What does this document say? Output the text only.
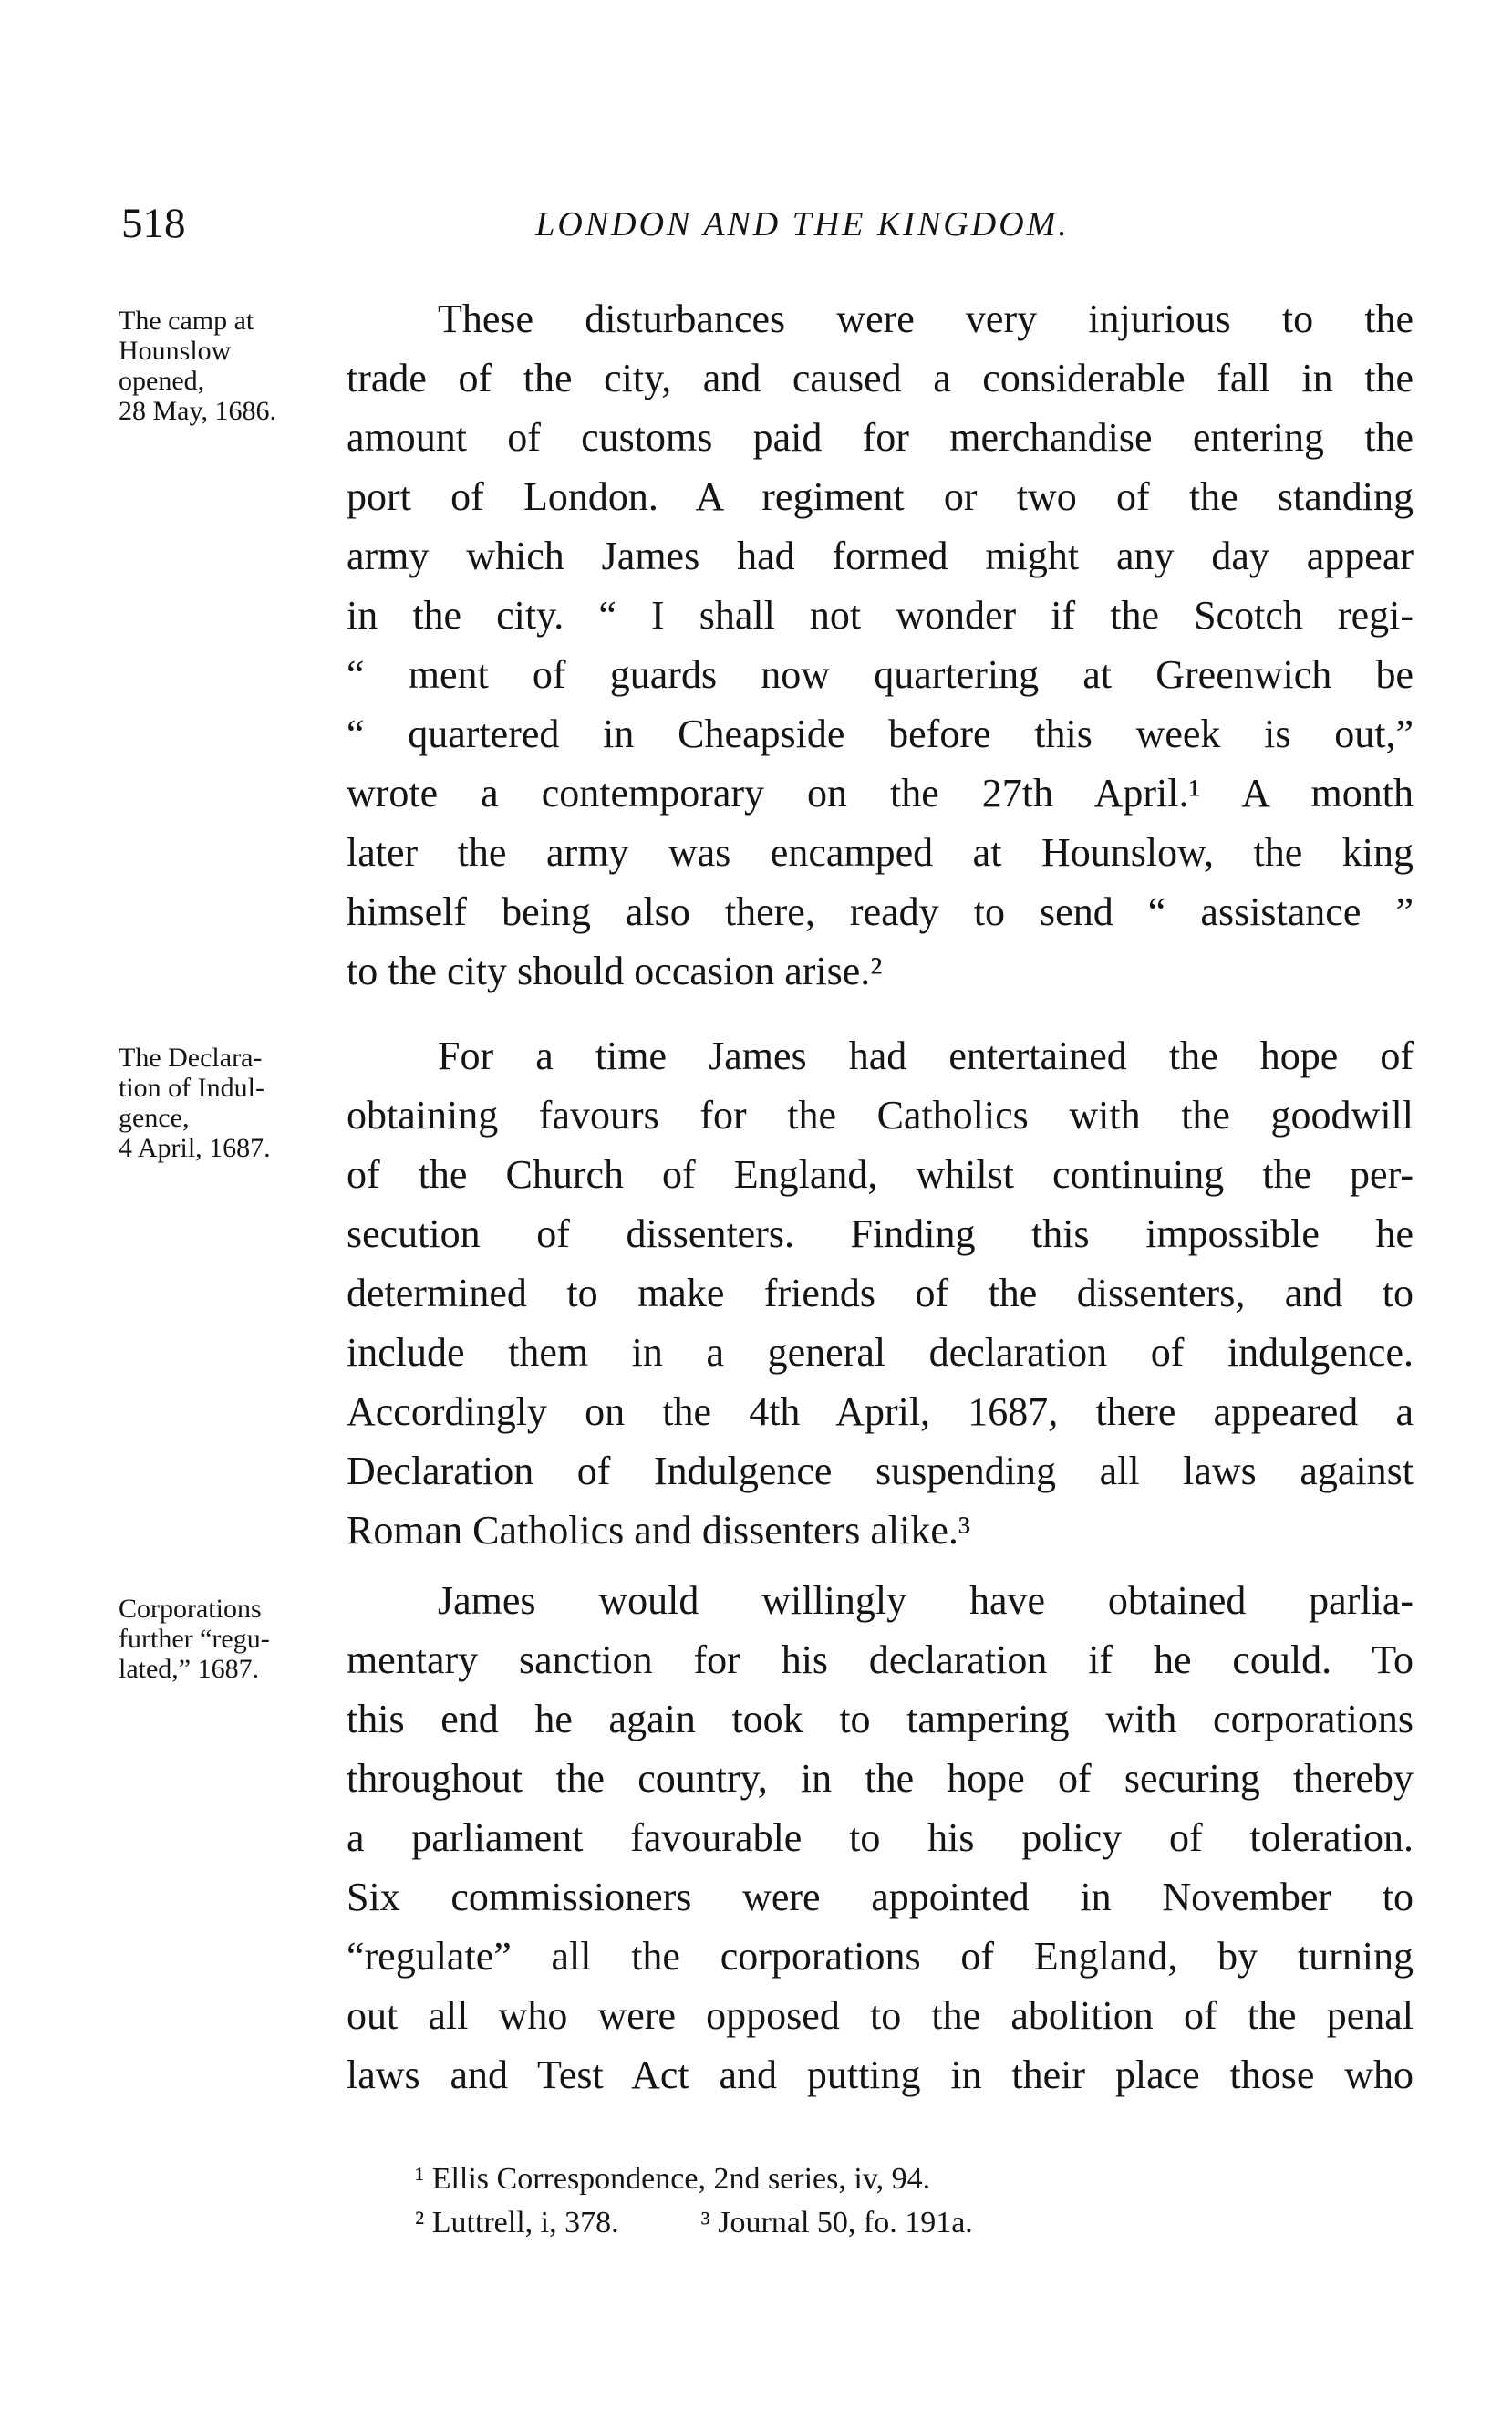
518	LONDON AND THE KINGDOM.
The camp at
Hounslow
opened,
28 May, 1686.
These disturbances were very injurious to the
trade of the city, and caused a considerable fall in the
amount of customs paid for merchandise entering the
port of London. A regiment or two of the standing
army which James had formed might any day appear
in the city. “ I shall not wonder if the Scotch regi-
“ ment of guards now quartering at Greenwich be
“ quartered in Cheapside before this week is out,”
wrote a contemporary on the 27th April.¹ A month
later the army was encamped at Hounslow, the king
himself being also there, ready to send “ assistance ”
to the city should occasion arise.²
The Declara-
tion of Indul-
gence,
4 April, 1687.
For a time James had entertained the hope of
obtaining favours for the Catholics with the goodwill
of the Church of England, whilst continuing the per-
secution of dissenters. Finding this impossible he
determined to make friends of the dissenters, and to
include them in a general declaration of indulgence.
Accordingly on the 4th April, 1687, there appeared a
Declaration of Indulgence suspending all laws against
Roman Catholics and dissenters alike.³
Corporations
further “regu-
lated,” 1687.
James would willingly have obtained parlia-
mentary sanction for his declaration if he could. To
this end he again took to tampering with corporations
throughout the country, in the hope of securing thereby
a parliament favourable to his policy of toleration.
Six commissioners were appointed in November to
“regulate” all the corporations of England, by turning
out all who were opposed to the abolition of the penal
laws and Test Act and putting in their place those who
¹ Ellis Correspondence, 2nd series, iv, 94.
² Luttrell, i, 378.	³ Journal 50, fo. 191a.
